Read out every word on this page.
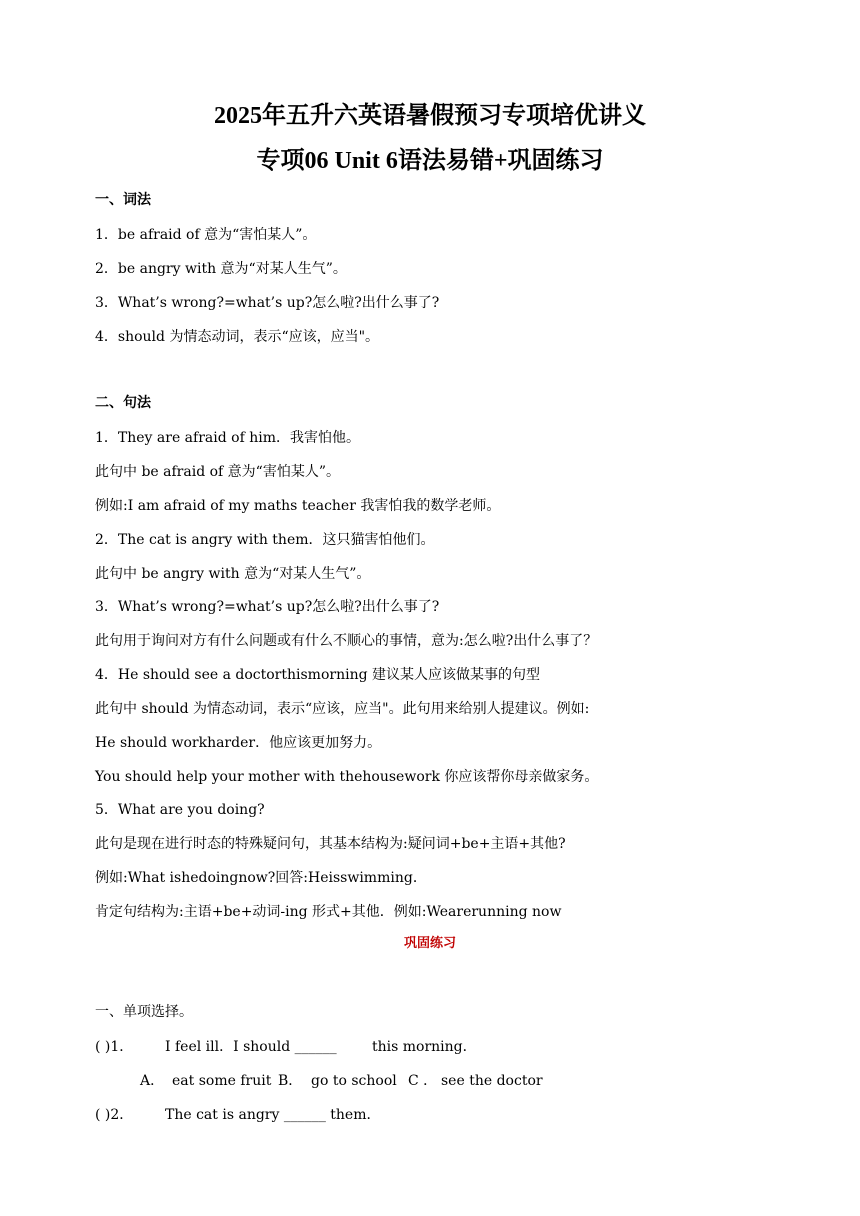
2025年五升六英语暑假预习专项培优讲义
专项06 Unit 6语法易错+巩固练习
一、词法
1．be afraid of 意为“害怕某人”。
2．be angry with 意为“对某人生气”。
3．What’s wrong?=what’s up?怎么啦?出什么事了?
4．should 为情态动词，表示“应该，应当"。
二、句法
1．They are afraid of him．我害怕他。
此句中 be afraid of 意为“害怕某人”。
例如:I am afraid of my maths teacher 我害怕我的数学老师。
2．The cat is angry with them．这只猫害怕他们。
此句中 be angry with 意为“对某人生气”。
3．What’s wrong?=what’s up?怎么啦?出什么事了?
此句用于询问对方有什么问题或有什么不顺心的事情，意为:怎么啦?出什么事了？
4．He should see a doctorthismorning 建议某人应该做某事的句型
此句中 should 为情态动词，表示“应该，应当"。此句用来给别人提建议。例如:
He should workharder．他应该更加努力。
You should help your mother with thehousework 你应该帮你母亲做家务。
5．What are you doing?
此句是现在进行时态的特殊疑问句，其基本结构为:疑问词+be+主语+其他?
例如:What ishedoingnow?回答:Heisswimming．
肯定句结构为:主语+be+动词-ing 形式+其他．例如:Wearerunning now
巩固练习
一、单项选择。
( )1． I feel ill．I should ______	this morning．
A． eat some fruit B． go to school C ． see the doctor
( )2． The cat is angry ______ them．
